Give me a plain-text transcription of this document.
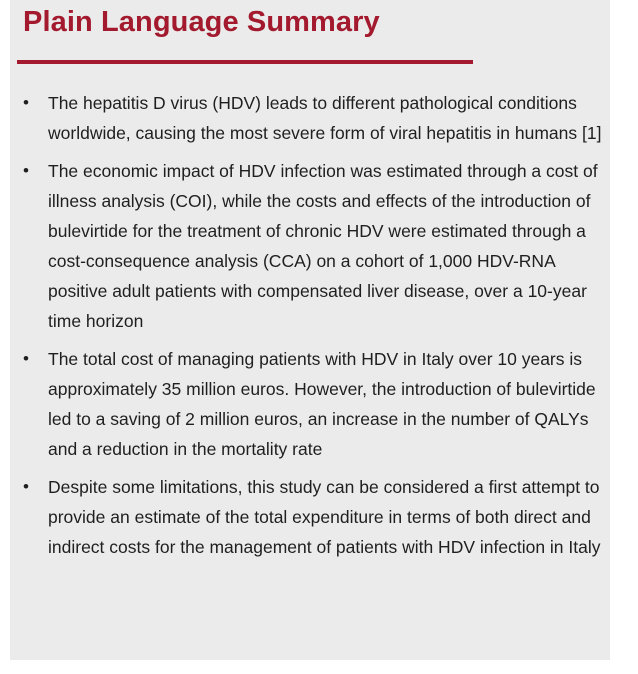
Plain Language Summary
• The hepatitis D virus (HDV) leads to different pathological conditions worldwide, causing the most severe form of viral hepatitis in humans [1]
• The economic impact of HDV infection was estimated through a cost of illness analysis (COI), while the costs and effects of the introduction of bulevirtide for the treatment of chronic HDV were estimated through a cost-consequence analysis (CCA) on a cohort of 1,000 HDV-RNA positive adult patients with compensated liver disease, over a 10-year time horizon
• The total cost of managing patients with HDV in Italy over 10 years is approximately 35 million euros. However, the introduction of bulevirtide led to a saving of 2 million euros, an increase in the number of QALYs and a reduction in the mortality rate
• Despite some limitations, this study can be considered a first attempt to provide an estimate of the total expenditure in terms of both direct and indirect costs for the management of patients with HDV infection in Italy
